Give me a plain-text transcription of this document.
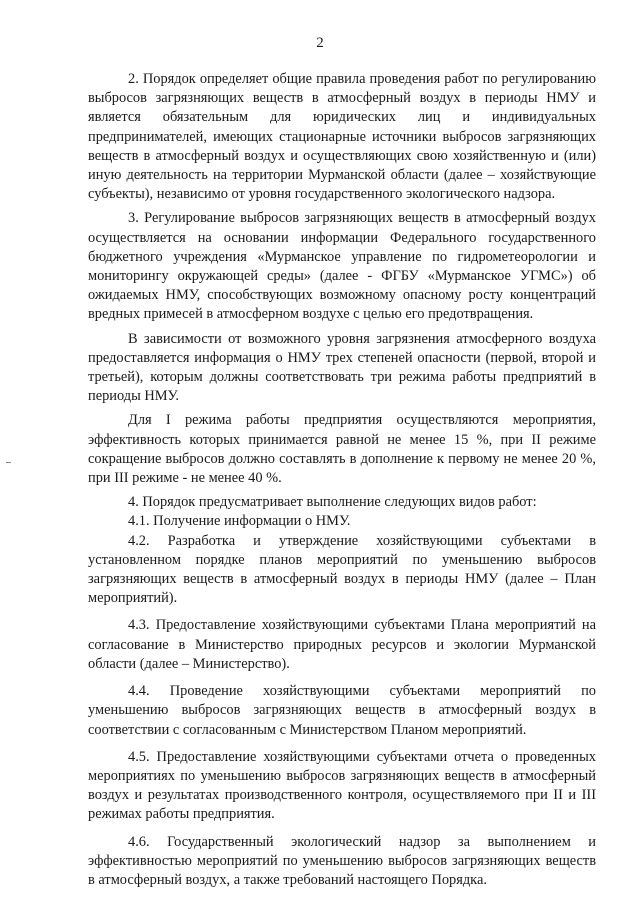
2

2. Порядок определяет общие правила проведения работ по регулированию выбросов загрязняющих веществ в атмосферный воздух в периоды НМУ и является обязательным для юридических лиц и индивидуальных предпринимателей, имеющих стационарные источники выбросов загрязняющих веществ в атмосферный воздух и осуществляющих свою хозяйственную и (или) иную деятельность на территории Мурманской области (далее – хозяйствующие субъекты), независимо от уровня государственного экологического надзора.

3. Регулирование выбросов загрязняющих веществ в атмосферный воздух осуществляется на основании информации Федерального государственного бюджетного учреждения «Мурманское управление по гидрометеорологии и мониторингу окружающей среды» (далее - ФГБУ «Мурманское УГМС») об ожидаемых НМУ, способствующих возможному опасному росту концентраций вредных примесей в атмосферном воздухе с целью его предотвращения.

В зависимости от возможного уровня загрязнения атмосферного воздуха предоставляется информация о НМУ трех степеней опасности (первой, второй и третьей), которым должны соответствовать три режима работы предприятий в периоды НМУ.

Для I режима работы предприятия осуществляются мероприятия, эффективность которых принимается равной не менее 15 %, при II режиме сокращение выбросов должно составлять в дополнение к первому не менее 20 %, при III режиме - не менее 40 %.

4. Порядок предусматривает выполнение следующих видов работ:

4.1. Получение информации о НМУ.

4.2. Разработка и утверждение хозяйствующими субъектами в установленном порядке планов мероприятий по уменьшению выбросов загрязняющих веществ в атмосферный воздух в периоды НМУ (далее – План мероприятий).

4.3. Предоставление хозяйствующими субъектами Плана мероприятий на согласование в Министерство природных ресурсов и экологии Мурманской области (далее – Министерство).

4.4. Проведение хозяйствующими субъектами мероприятий по уменьшению выбросов загрязняющих веществ в атмосферный воздух в соответствии с согласованным с Министерством Планом мероприятий.

4.5. Предоставление хозяйствующими субъектами отчета о проведенных мероприятиях по уменьшению выбросов загрязняющих веществ в атмосферный воздух и результатах производственного контроля, осуществляемого при II и III режимах работы предприятия.

4.6. Государственный экологический надзор за выполнением и эффективностью мероприятий по уменьшению выбросов загрязняющих веществ в атмосферный воздух, а также требований настоящего Порядка.
